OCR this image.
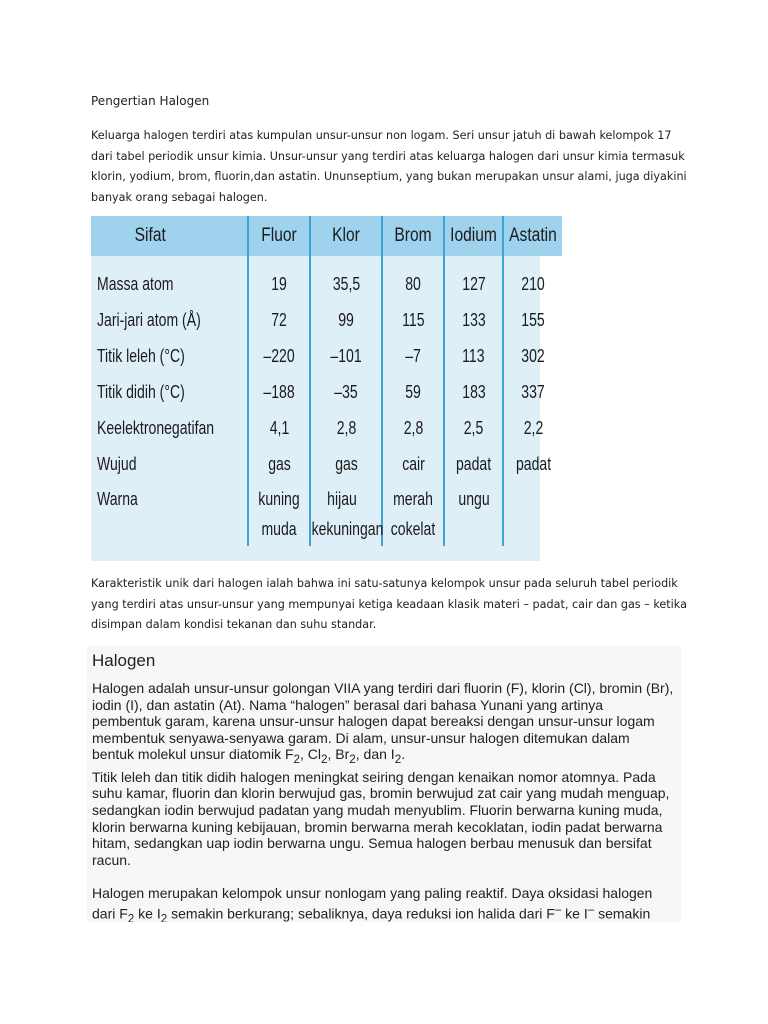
Pengertian Halogen
Keluarga halogen terdiri atas kumpulan unsur-unsur non logam. Seri unsur jatuh di bawah kelompok 17 dari tabel periodik unsur kimia. Unsur-unsur yang terdiri atas keluarga halogen dari unsur kimia termasuk klorin, yodium, brom, fluorin,dan astatin. Ununseptium, yang bukan merupakan unsur alami, juga diyakini banyak orang sebagai halogen.
Sifat	Fluor	Klor	Brom	Iodium	Astatin
Massa atom	19	35,5	80	127	210
Jari-jari atom (Å)	72	99	115	133	155
Titik leleh (°C)	–220	–101	–7	113	302
Titik didih (°C)	–188	–35	59	183	337
Keelektronegatifan	4,1	2,8	2,8	2,5	2,2
Wujud	gas	gas	cair	padat	padat
Warna	kuning muda	hijau kekuningan	merah cokelat	ungu	
Karakteristik unik dari halogen ialah bahwa ini satu-satunya kelompok unsur pada seluruh tabel periodik yang terdiri atas unsur-unsur yang mempunyai ketiga keadaan klasik materi – padat, cair dan gas – ketika disimpan dalam kondisi tekanan dan suhu standar.
Halogen

Halogen adalah unsur-unsur golongan VIIA yang terdiri dari fluorin (F), klorin (Cl), bromin (Br), iodin (I), dan astatin (At). Nama “halogen” berasal dari bahasa Yunani yang artinya pembentuk garam, karena unsur-unsur halogen dapat bereaksi dengan unsur-unsur logam membentuk senyawa-senyawa garam. Di alam, unsur-unsur halogen ditemukan dalam bentuk molekul unsur diatomik $F_2$, $Cl_2$, $Br_2$, dan $I_2$.

Titik leleh dan titik didih halogen meningkat seiring dengan kenaikan nomor atomnya. Pada suhu kamar, fluorin dan klorin berwujud gas, bromin berwujud zat cair yang mudah menguap, sedangkan iodin berwujud padatan yang mudah menyublim. Fluorin berwarna kuning muda, klorin berwarna kuning kebijauan, bromin berwarna merah kecoklatan, iodin padat berwarna hitam, sedangkan uap iodin berwarna ungu. Semua halogen berbau menusuk dan bersifat racun.

Halogen merupakan kelompok unsur nonlogam yang paling reaktif. Daya oksidasi halogen dari $F_2$ ke $I_2$ semakin berkurang; sebaliknya, daya reduksi ion halida dari F– ke I– semakin
